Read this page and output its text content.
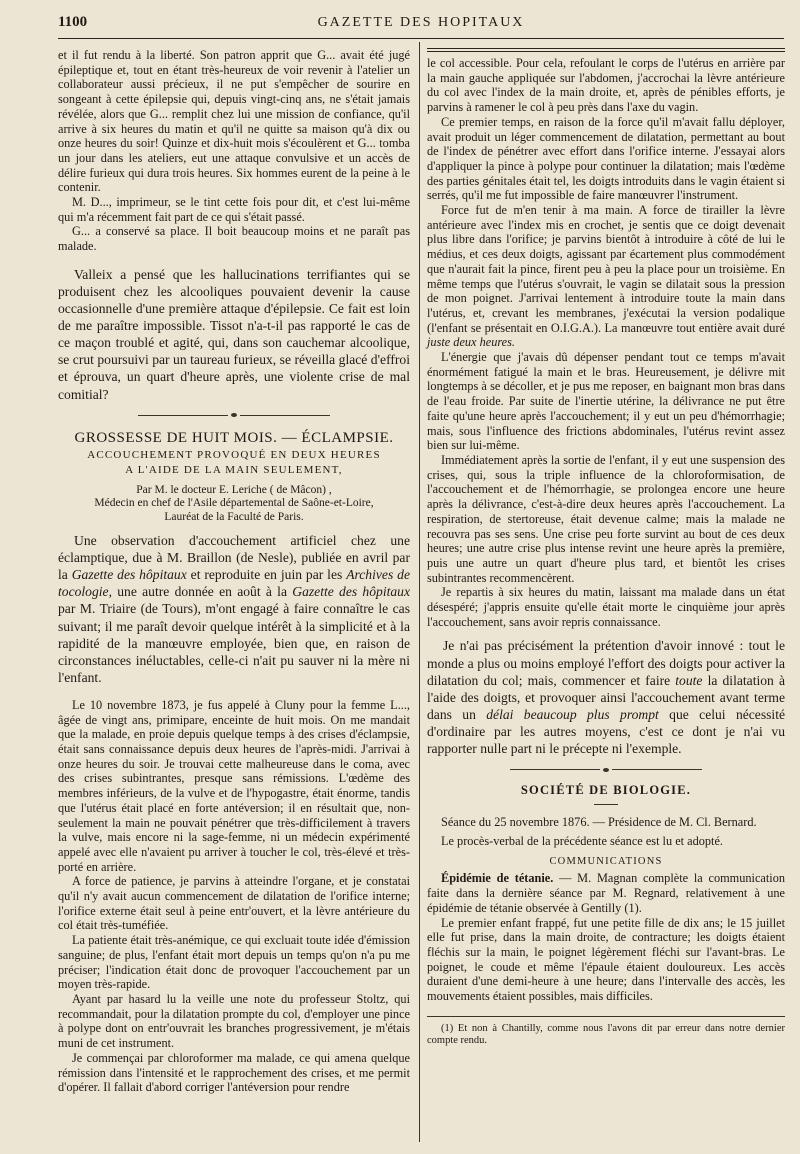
1100	GAZETTE DES HOPITAUX

et il fut rendu à la liberté. Son patron apprit que G... avait été jugé épileptique et, tout en étant très-heureux de voir revenir à l'atelier un collaborateur aussi précieux, il ne put s'empêcher de sourire en songeant à cette épilepsie qui, depuis vingt-cinq ans, ne s'était jamais révélée, alors que G... remplit chez lui une mission de confiance, qu'il arrive à six heures du matin et qu'il ne quitte sa maison qu'à dix ou onze heures du soir! Quinze et dix-huit mois s'écoulèrent et G... tomba un jour dans les ateliers, eut une attaque convulsive et un accès de délire furieux qui dura trois heures. Six hommes eurent de la peine à le contenir.

M. D..., imprimeur, se le tint cette fois pour dit, et c'est lui-même qui m'a récemment fait part de ce qui s'était passé.

G... a conservé sa place. Il boit beaucoup moins et ne paraît pas malade.

Valleix a pensé que les hallucinations terrifiantes qui se produisent chez les alcooliques pouvaient devenir la cause occasionnelle d'une première attaque d'épilepsie. Ce fait est loin de me paraître impossible. Tissot n'a-t-il pas rapporté le cas de ce maçon troublé et agité, qui, dans son cauchemar alcoolique, se crut poursuivi par un taureau furieux, se réveilla glacé d'effroi et éprouva, un quart d'heure après, une violente crise de mal comitial?

GROSSESSE DE HUIT MOIS. — ÉCLAMPSIE.
ACCOUCHEMENT PROVOQUÉ EN DEUX HEURES
A L'AIDE DE LA MAIN SEULEMENT,
Par M. le docteur E. Leriche ( de Mâcon) ,
Médecin en chef de l'Asile départemental de Saône-et-Loire,
Lauréat de la Faculté de Paris.

Une observation d'accouchement artificiel chez une éclamptique, due à M. Braillon (de Nesle), publiée en avril par la Gazette des hôpitaux et reproduite en juin par les Archives de tocologie, une autre donnée en août à la Gazette des hôpitaux par M. Triaire (de Tours), m'ont engagé à faire connaître le cas suivant; il me paraît devoir quelque intérêt à la simplicité et à la rapidité de la manœuvre employée, bien que, en raison de circonstances inéluctables, celle-ci n'ait pu sauver ni la mère ni l'enfant.

Le 10 novembre 1873, je fus appelé à Cluny pour la femme L..., âgée de vingt ans, primipare, enceinte de huit mois. On me mandait que la malade, en proie depuis quelque temps à des crises d'éclampsie, était sans connaissance depuis deux heures de l'après-midi. J'arrivai à onze heures du soir. Je trouvai cette malheureuse dans le coma, avec des crises subintrantes, presque sans rémissions. L'œdème des membres inférieurs, de la vulve et de l'hypogastre, était énorme, tandis que l'utérus était placé en forte antéversion; il en résultait que, non-seulement la main ne pouvait pénétrer que très-difficilement à travers la vulve, mais encore ni la sage-femme, ni un médecin expérimenté appelé avec elle n'avaient pu arriver à toucher le col, très-élevé et très-porté en arrière.

A force de patience, je parvins à atteindre l'organe, et je constatai qu'il n'y avait aucun commencement de dilatation de l'orifice interne; l'orifice externe était seul à peine entr'ouvert, et la lèvre antérieure du col était très-tuméfiée.

La patiente était très-anémique, ce qui excluait toute idée d'émission sanguine; de plus, l'enfant était mort depuis un temps qu'on n'a pu me préciser; l'indication était donc de provoquer l'accouchement par un moyen très-rapide.

Ayant par hasard lu la veille une note du professeur Stoltz, qui recommandait, pour la dilatation prompte du col, d'employer une pince à polype dont on entr'ouvrait les branches progressivement, je m'étais muni de cet instrument.

Je commençai par chloroformer ma malade, ce qui amena quelque rémission dans l'intensité et le rapprochement des crises, et me permit d'opérer. Il fallait d'abord corriger l'antéversion pour rendre

le col accessible. Pour cela, refoulant le corps de l'utérus en arrière par la main gauche appliquée sur l'abdomen, j'accrochai la lèvre antérieure du col avec l'index de la main droite, et, après de pénibles efforts, je parvins à ramener le col à peu près dans l'axe du vagin.

Ce premier temps, en raison de la force qu'il m'avait fallu déployer, avait produit un léger commencement de dilatation, permettant au bout de l'index de pénétrer avec effort dans l'orifice interne. J'essayai alors d'appliquer la pince à polype pour continuer la dilatation; mais l'œdème des parties génitales était tel, les doigts introduits dans le vagin étaient si serrés, qu'il me fut impossible de faire manœuvrer l'instrument.

Force fut de m'en tenir à ma main. A force de tirailler la lèvre antérieure avec l'index mis en crochet, je sentis que ce doigt devenait plus libre dans l'orifice; je parvins bientôt à introduire à côté de lui le médius, et ces deux doigts, agissant par écartement plus commodément que n'aurait fait la pince, firent peu à peu la place pour un troisième. En même temps que l'utérus s'ouvrait, le vagin se dilatait sous la pression de mon poignet. J'arrivai lentement à introduire toute la main dans l'utérus, et, crevant les membranes, j'exécutai la version podalique (l'enfant se présentait en O.I.G.A.). La manœuvre tout entière avait duré juste deux heures.

L'énergie que j'avais dû dépenser pendant tout ce temps m'avait énormément fatigué la main et le bras. Heureusement, je délivre mit longtemps à se décoller, et je pus me reposer, en baignant mon bras dans de l'eau froide. Par suite de l'inertie utérine, la délivrance ne put être faite qu'une heure après l'accouchement; il y eut un peu d'hémorrhagie; mais, sous l'influence des frictions abdominales, l'utérus revint assez bien sur lui-même.

Immédiatement après la sortie de l'enfant, il y eut une suspension des crises, qui, sous la triple influence de la chloroformisation, de l'accouchement et de l'hémorrhagie, se prolongea encore une heure après la délivrance, c'est-à-dire deux heures après l'accouchement. La respiration, de stertoreuse, était devenue calme; mais la malade ne recouvra pas ses sens. Une crise peu forte survint au bout de ces deux heures; une autre crise plus intense revint une heure après la première, puis une autre un quart d'heure plus tard, et bientôt les crises subintrantes recommencèrent.

Je repartis à six heures du matin, laissant ma malade dans un état désespéré; j'appris ensuite qu'elle était morte le cinquième jour après l'accouchement, sans avoir repris connaissance.

Je n'ai pas précisément la prétention d'avoir innové : tout le monde a plus ou moins employé l'effort des doigts pour activer la dilatation du col; mais, commencer et faire toute la dilatation à l'aide des doigts, et provoquer ainsi l'accouchement avant terme dans un délai beaucoup plus prompt que celui nécessité d'ordinaire par les autres moyens, c'est ce dont je n'ai vu rapporter nulle part ni le précepte ni l'exemple.

SOCIÉTÉ DE BIOLOGIE.

Séance du 25 novembre 1876. — Présidence de M. Cl. Bernard.

Le procès-verbal de la précédente séance est lu et adopté.

COMMUNICATIONS

Épidémie de tétanie. — M. Magnan complète la communication faite dans la dernière séance par M. Regnard, relativement à une épidémie de tétanie observée à Gentilly (1).

Le premier enfant frappé, fut une petite fille de dix ans; le 15 juillet elle fut prise, dans la main droite, de contracture; les doigts étaient fléchis sur la main, le poignet légèrement fléchi sur l'avant-bras. Le poignet, le coude et même l'épaule étaient douloureux. Les accès duraient d'une demi-heure à une heure; dans l'intervalle des accès, les mouvements étaient possibles, mais difficiles.

(1) Et non à Chantilly, comme nous l'avons dit par erreur dans notre dernier compte rendu.
